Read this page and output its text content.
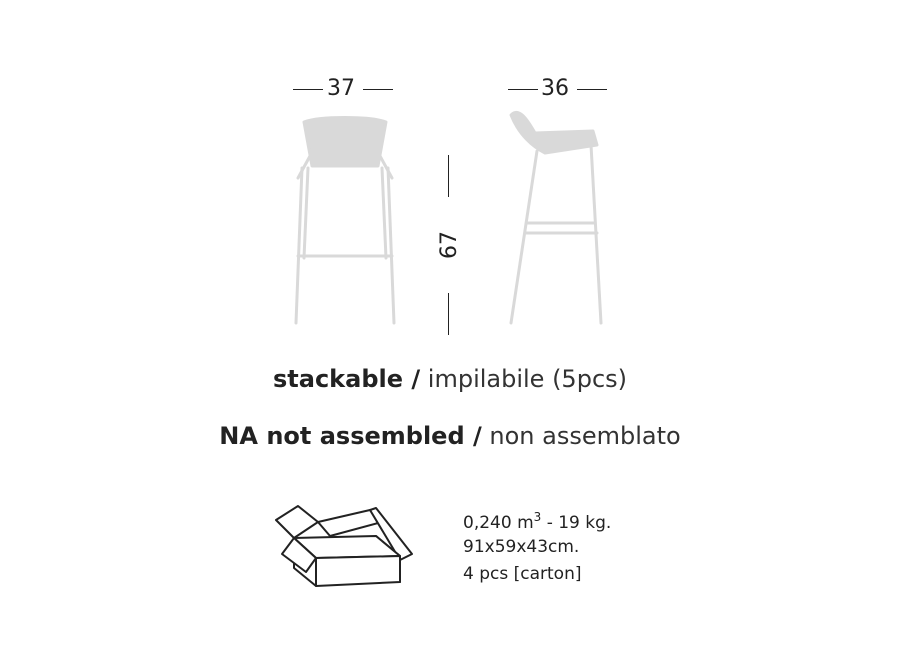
37	36
67
stackable / impilabile (5pcs)
NA not assembled / non assemblato
0,240 $m^3 - 19$ kg.
91x59x43cm.
4 pcs [carton]
